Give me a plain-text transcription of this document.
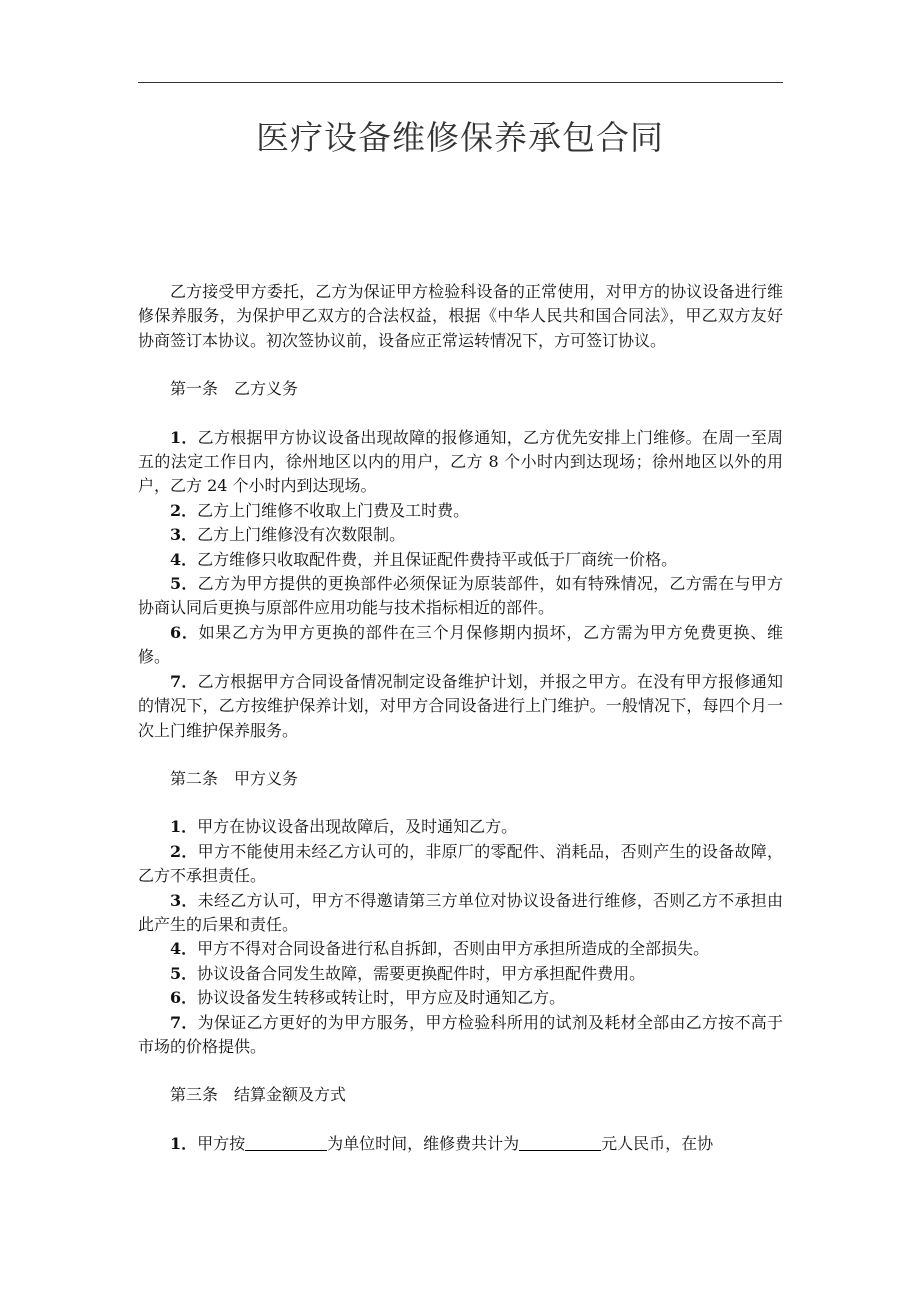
医疗设备维修保养承包合同

乙方接受甲方委托，乙方为保证甲方检验科设备的正常使用，对甲方的协议设备进行维修保养服务，为保护甲乙双方的合法权益，根据《中华人民共和国合同法》，甲乙双方友好协商签订本协议。初次签协议前，设备应正常运转情况下，方可签订协议。

第一条　乙方义务

1．乙方根据甲方协议设备出现故障的报修通知，乙方优先安排上门维修。在周一至周五的法定工作日内，徐州地区以内的用户，乙方 8 个小时内到达现场；徐州地区以外的用户，乙方 24 个小时内到达现场。

2．乙方上门维修不收取上门费及工时费。

3．乙方上门维修没有次数限制。

4．乙方维修只收取配件费，并且保证配件费持平或低于厂商统一价格。

5．乙方为甲方提供的更换部件必须保证为原装部件，如有特殊情况，乙方需在与甲方协商认同后更换与原部件应用功能与技术指标相近的部件。

6．如果乙方为甲方更换的部件在三个月保修期内损坏，乙方需为甲方免费更换、维修。

7．乙方根据甲方合同设备情况制定设备维护计划，并报之甲方。在没有甲方报修通知的情况下，乙方按维护保养计划，对甲方合同设备进行上门维护。一般情况下，每四个月一次上门维护保养服务。

第二条　甲方义务

1．甲方在协议设备出现故障后，及时通知乙方。

2．甲方不能使用未经乙方认可的，非原厂的零配件、消耗品，否则产生的设备故障，乙方不承担责任。

3．未经乙方认可，甲方不得邀请第三方单位对协议设备进行维修，否则乙方不承担由此产生的后果和责任。

4．甲方不得对合同设备进行私自拆卸，否则由甲方承担所造成的全部损失。

5．协议设备合同发生故障，需要更换配件时，甲方承担配件费用。

6．协议设备发生转移或转让时，甲方应及时通知乙方。

7．为保证乙方更好的为甲方服务，甲方检验科所用的试剂及耗材全部由乙方按不高于市场的价格提供。

第三条　结算金额及方式

1．甲方按	为单位时间，维修费共计为	元人民币，在协
